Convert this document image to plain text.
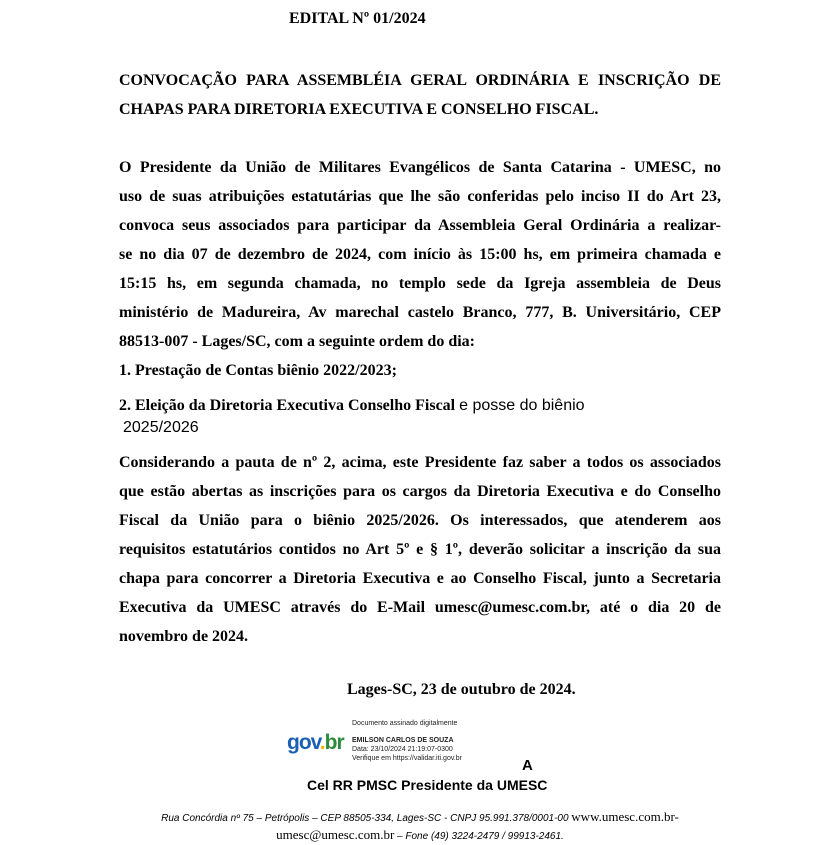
EDITAL Nº 01/2024
CONVOCAÇÃO PARA ASSEMBLÉIA GERAL ORDINÁRIA E INSCRIÇÃO DE
CHAPAS PARA DIRETORIA EXECUTIVA E CONSELHO FISCAL.
O Presidente da União de Militares Evangélicos de Santa Catarina - UMESC, no
uso de suas atribuições estatutárias que lhe são conferidas pelo inciso II do Art 23,
convoca seus associados para participar da Assembleia Geral Ordinária a realizar-
se no dia 07 de dezembro de 2024, com início às 15:00 hs, em primeira chamada e
15:15 hs, em segunda chamada, no templo sede da Igreja assembleia de Deus
ministério de Madureira, Av marechal castelo Branco, 777, B. Universitário, CEP
88513-007 - Lages/SC, com a seguinte ordem do dia:
1. Prestação de Contas biênio 2022/2023;
2. Eleição da Diretoria Executiva Conselho Fiscal e posse do biênio
2025/2026
Considerando a pauta de nº 2, acima, este Presidente faz saber a todos os associados
que estão abertas as inscrições para os cargos da Diretoria Executiva e do Conselho
Fiscal da União para o biênio 2025/2026. Os interessados, que atenderem aos
requisitos estatutários contidos no Art 5º e § 1º, deverão solicitar a inscrição da sua
chapa para concorrer a Diretoria Executiva e ao Conselho Fiscal, junto a Secretaria
Executiva da UMESC através do E-Mail umesc@umesc.com.br, até o dia 20 de
novembro de 2024.
Lages-SC, 23 de outubro de 2024.
gov.br
Documento assinado digitalmente
EMILSON CARLOS DE SOUZA
Data: 23/10/2024 21:19:07-0300
Verifique em https://validar.iti.gov.br	A
Cel RR PMSC Presidente da UMESC
Rua Concórdia nº 75 – Petrópolis – CEP 88505-334, Lages-SC - CNPJ 95.991.378/0001-00 www.umesc.com.br-
umesc@umesc.com.br – Fone (49) 3224-2479 / 99913-2461.
